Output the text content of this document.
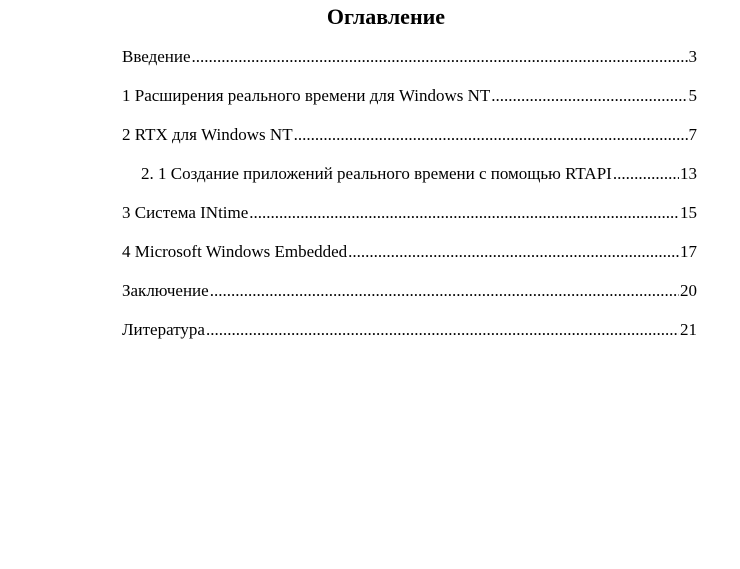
Оглавление
Введение .....	3
1 Расширения реального времени для Windows NT .....	5
2 RTX для Windows NT .....	7
2. 1 Создание приложений реального времени с помощью RTAPI .....	13
3 Система INtime .....	15
4 Microsoft Windows Embedded .....	17
Заключение .....	20
Литература .....	21
